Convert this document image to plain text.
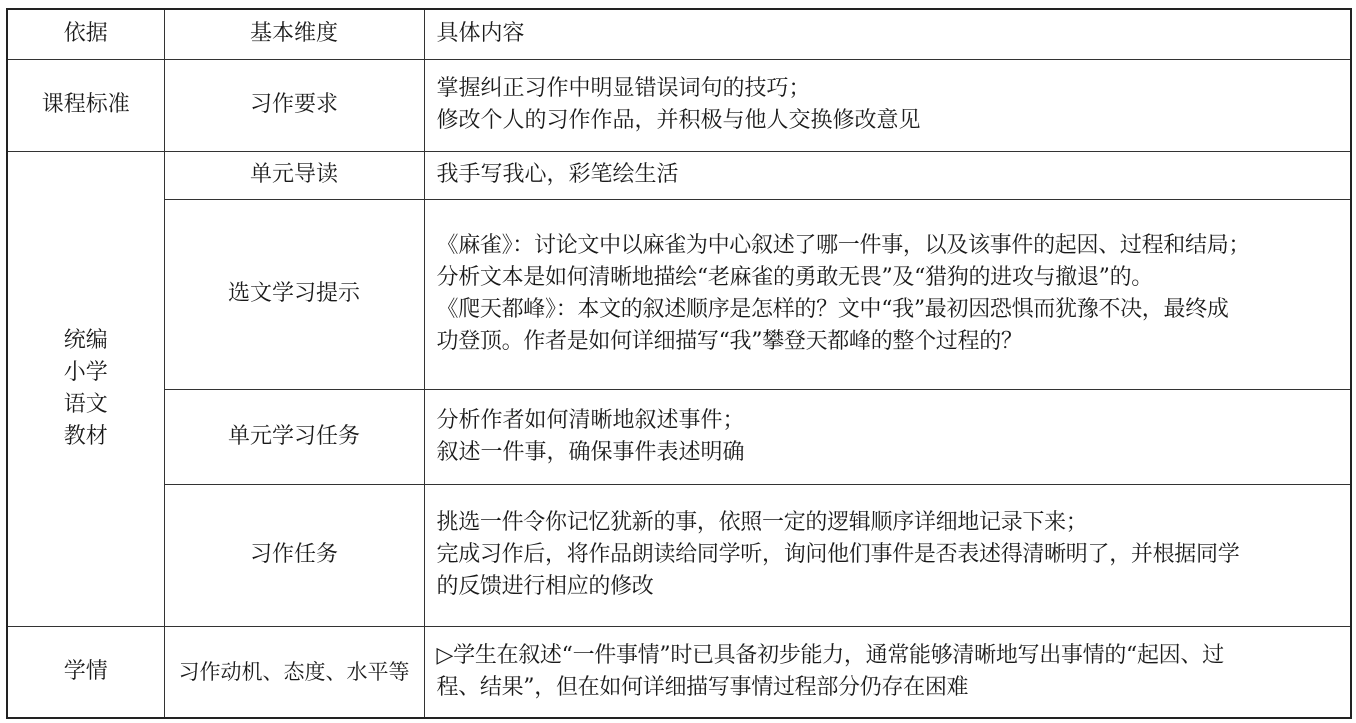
依据	基本维度	具体内容
课程标准	习作要求	掌握纠正习作中明显错误词句的技巧；
修改个人的习作作品，并积极与他人交换修改意见

统编
小学
语文
教材	单元导读	我手写我心，彩笔绘生活

	选文学习提示	《麻雀》：讨论文中以麻雀为中心叙述了哪一件事，以及该事件的起因、过程和结局；
分析文本是如何清晰地描绘“老麻雀的勇敢无畏”及“猎狗的进攻与撤退”的。
《爬天都峰》：本文的叙述顺序是怎样的？文中“我”最初因恐惧而犹豫不决，最终成
功登顶。作者是如何详细描写“我”攀登天都峰的整个过程的？

	单元学习任务	分析作者如何清晰地叙述事件；
叙述一件事，确保事件表述明确

	习作任务	挑选一件令你记忆犹新的事，依照一定的逻辑顺序详细地记录下来；
完成习作后，将作品朗读给同学听，询问他们事件是否表述得清晰明了，并根据同学
的反馈进行相应的修改

学情	习作动机、态度、水平等	▷学生在叙述“一件事情”时已具备初步能力，通常能够清晰地写出事情的“起因、过
程、结果”，但在如何详细描写事情过程部分仍存在困难
